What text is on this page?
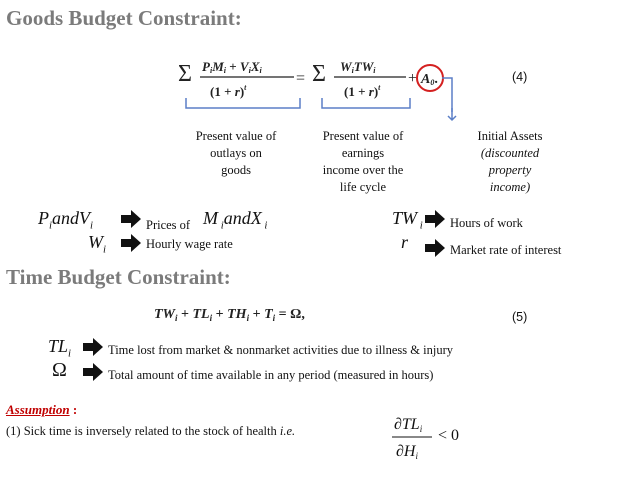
Goods Budget Constraint:
Σ PiMi + ViXi
$(1 + r)^t$
= Σ WiTWi
$(1 + r)^t$
+ A0.	(4)
Present value of
outlays on
goods
Present value of
earnings
income over the
life cycle
Initial Assets
(discounted
property
income)
$P_iandV_i$	Prices of M $_i$andX $_i$
$W_i$	Hourly wage rate
TW $_i$ Hours of work
r	Market rate of interest
Time Budget Constraint:
$TW_i + TL_i + TH_i + T_i = \Omega$,	(5)
$TL_i$	Time lost from market & nonmarket activities due to illness & injury
Ω	Total amount of time available in any period (measured in hours)
Assumption :
(1) Sick time is inversely related to the stock of health i.e.	∂TLi
∂Hi
< 0
